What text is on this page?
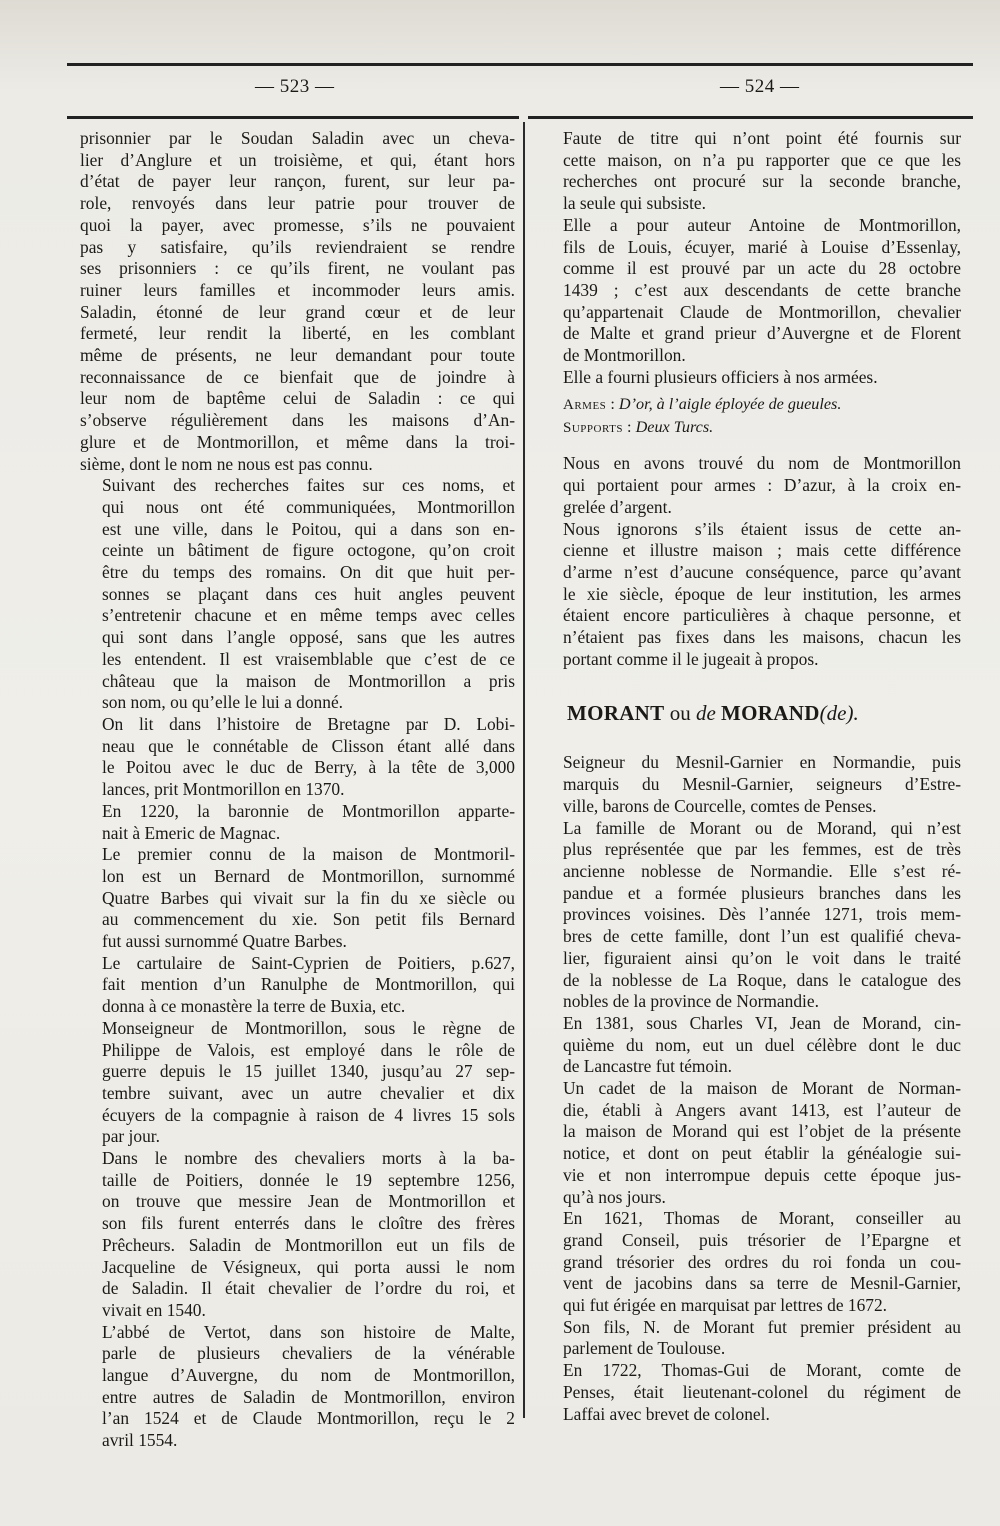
— 523 —	— 524 —

prisonnier par le Soudan Saladin avec un cheva-
lier d’Anglure et un troisième, et qui, étant hors
d’état de payer leur rançon, furent, sur leur pa-
role, renvoyés dans leur patrie pour trouver de
quoi la payer, avec promesse, s’ils ne pouvaient
pas y satisfaire, qu’ils reviendraient se rendre
ses prisonniers : ce qu’ils firent, ne voulant pas
ruiner leurs familles et incommoder leurs amis.
Saladin, étonné de leur grand cœur et de leur
fermeté, leur rendit la liberté, en les comblant
même de présents, ne leur demandant pour toute
reconnaissance de ce bienfait que de joindre à
leur nom de baptême celui de Saladin : ce qui
s’observe régulièrement dans les maisons d’An-
glure et de Montmorillon, et même dans la troi-
sième, dont le nom ne nous est pas connu.

Suivant des recherches faites sur ces noms, et
qui nous ont été communiquées, Montmorillon
est une ville, dans le Poitou, qui a dans son en-
ceinte un bâtiment de figure octogone, qu’on croit
être du temps des romains. On dit que huit per-
sonnes se plaçant dans ces huit angles peuvent
s’entretenir chacune et en même temps avec celles
qui sont dans l’angle opposé, sans que les autres
les entendent. Il est vraisemblable que c’est de ce
château que la maison de Montmorillon a pris
son nom, ou qu’elle le lui a donné.

On lit dans l’histoire de Bretagne par D. Lobi-
neau que le connétable de Clisson étant allé dans
le Poitou avec le duc de Berry, à la tête de 3,000
lances, prit Montmorillon en 1370.

En 1220, la baronnie de Montmorillon apparte-
nait à Emeric de Magnac.

Le premier connu de la maison de Montmoril-
lon est un Bernard de Montmorillon, surnommé
Quatre Barbes qui vivait sur la fin du xe siècle ou
au commencement du xie. Son petit fils Bernard
fut aussi surnommé Quatre Barbes.

Le cartulaire de Saint-Cyprien de Poitiers, p.627,
fait mention d’un Ranulphe de Montmorillon, qui
donna à ce monastère la terre de Buxia, etc.

Monseigneur de Montmorillon, sous le règne de
Philippe de Valois, est employé dans le rôle de
guerre depuis le 15 juillet 1340, jusqu’au 27 sep-
tembre suivant, avec un autre chevalier et dix
écuyers de la compagnie à raison de 4 livres 15 sols
par jour.

Dans le nombre des chevaliers morts à la ba-
taille de Poitiers, donnée le 19 septembre 1256,
on trouve que messire Jean de Montmorillon et
son fils furent enterrés dans le cloître des frères
Prêcheurs. Saladin de Montmorillon eut un fils de
Jacqueline de Vésigneux, qui porta aussi le nom
de Saladin. Il était chevalier de l’ordre du roi, et
vivait en 1540.

L’abbé de Vertot, dans son histoire de Malte,
parle de plusieurs chevaliers de la vénérable
langue d’Auvergne, du nom de Montmorillon,
entre autres de Saladin de Montmorillon, environ
l’an 1524 et de Claude Montmorillon, reçu le 2
avril 1554.

Faute de titre qui n’ont point été fournis sur
cette maison, on n’a pu rapporter que ce que les
recherches ont procuré sur la seconde branche,
la seule qui subsiste.

Elle a pour auteur Antoine de Montmorillon,
fils de Louis, écuyer, marié à Louise d’Essenlay,
comme il est prouvé par un acte du 28 octobre
1439 ; c’est aux descendants de cette branche
qu’appartenait Claude de Montmorillon, chevalier
de Malte et grand prieur d’Auvergne et de Florent
de Montmorillon.

Elle a fourni plusieurs officiers à nos armées.

Armes : D’or, à l’aigle éployée de gueules.

Supports : Deux Turcs.

Nous en avons trouvé du nom de Montmorillon
qui portaient pour armes : D’azur, à la croix en-
grelée d’argent.

Nous ignorons s’ils étaient issus de cette an-
cienne et illustre maison ; mais cette différence
d’arme n’est d’aucune conséquence, parce qu’avant
le xie siècle, époque de leur institution, les armes
étaient encore particulières à chaque personne, et
n’étaient pas fixes dans les maisons, chacun les
portant comme il le jugeait à propos.

MORANT ou de MORAND(de).

Seigneur du Mesnil-Garnier en Normandie, puis
marquis du Mesnil-Garnier, seigneurs d’Estre-
ville, barons de Courcelle, comtes de Penses.

La famille de Morant ou de Morand, qui n’est
plus représentée que par les femmes, est de très
ancienne noblesse de Normandie. Elle s’est ré-
pandue et a formée plusieurs branches dans les
provinces voisines. Dès l’année 1271, trois mem-
bres de cette famille, dont l’un est qualifié cheva-
lier, figuraient ainsi qu’on le voit dans le traité
de la noblesse de La Roque, dans le catalogue des
nobles de la province de Normandie.

En 1381, sous Charles VI, Jean de Morand, cin-
quième du nom, eut un duel célèbre dont le duc
de Lancastre fut témoin.

Un cadet de la maison de Morant de Norman-
die, établi à Angers avant 1413, est l’auteur de
la maison de Morand qui est l’objet de la présente
notice, et dont on peut établir la généalogie sui-
vie et non interrompue depuis cette époque jus-
qu’à nos jours.

En 1621, Thomas de Morant, conseiller au
grand Conseil, puis trésorier de l’Epargne et
grand trésorier des ordres du roi fonda un cou-
vent de jacobins dans sa terre de Mesnil-Garnier,
qui fut érigée en marquisat par lettres de 1672.

Son fils, N. de Morant fut premier président au
parlement de Toulouse.

En 1722, Thomas-Gui de Morant, comte de
Penses, était lieutenant-colonel du régiment de
Laffai avec brevet de colonel.
